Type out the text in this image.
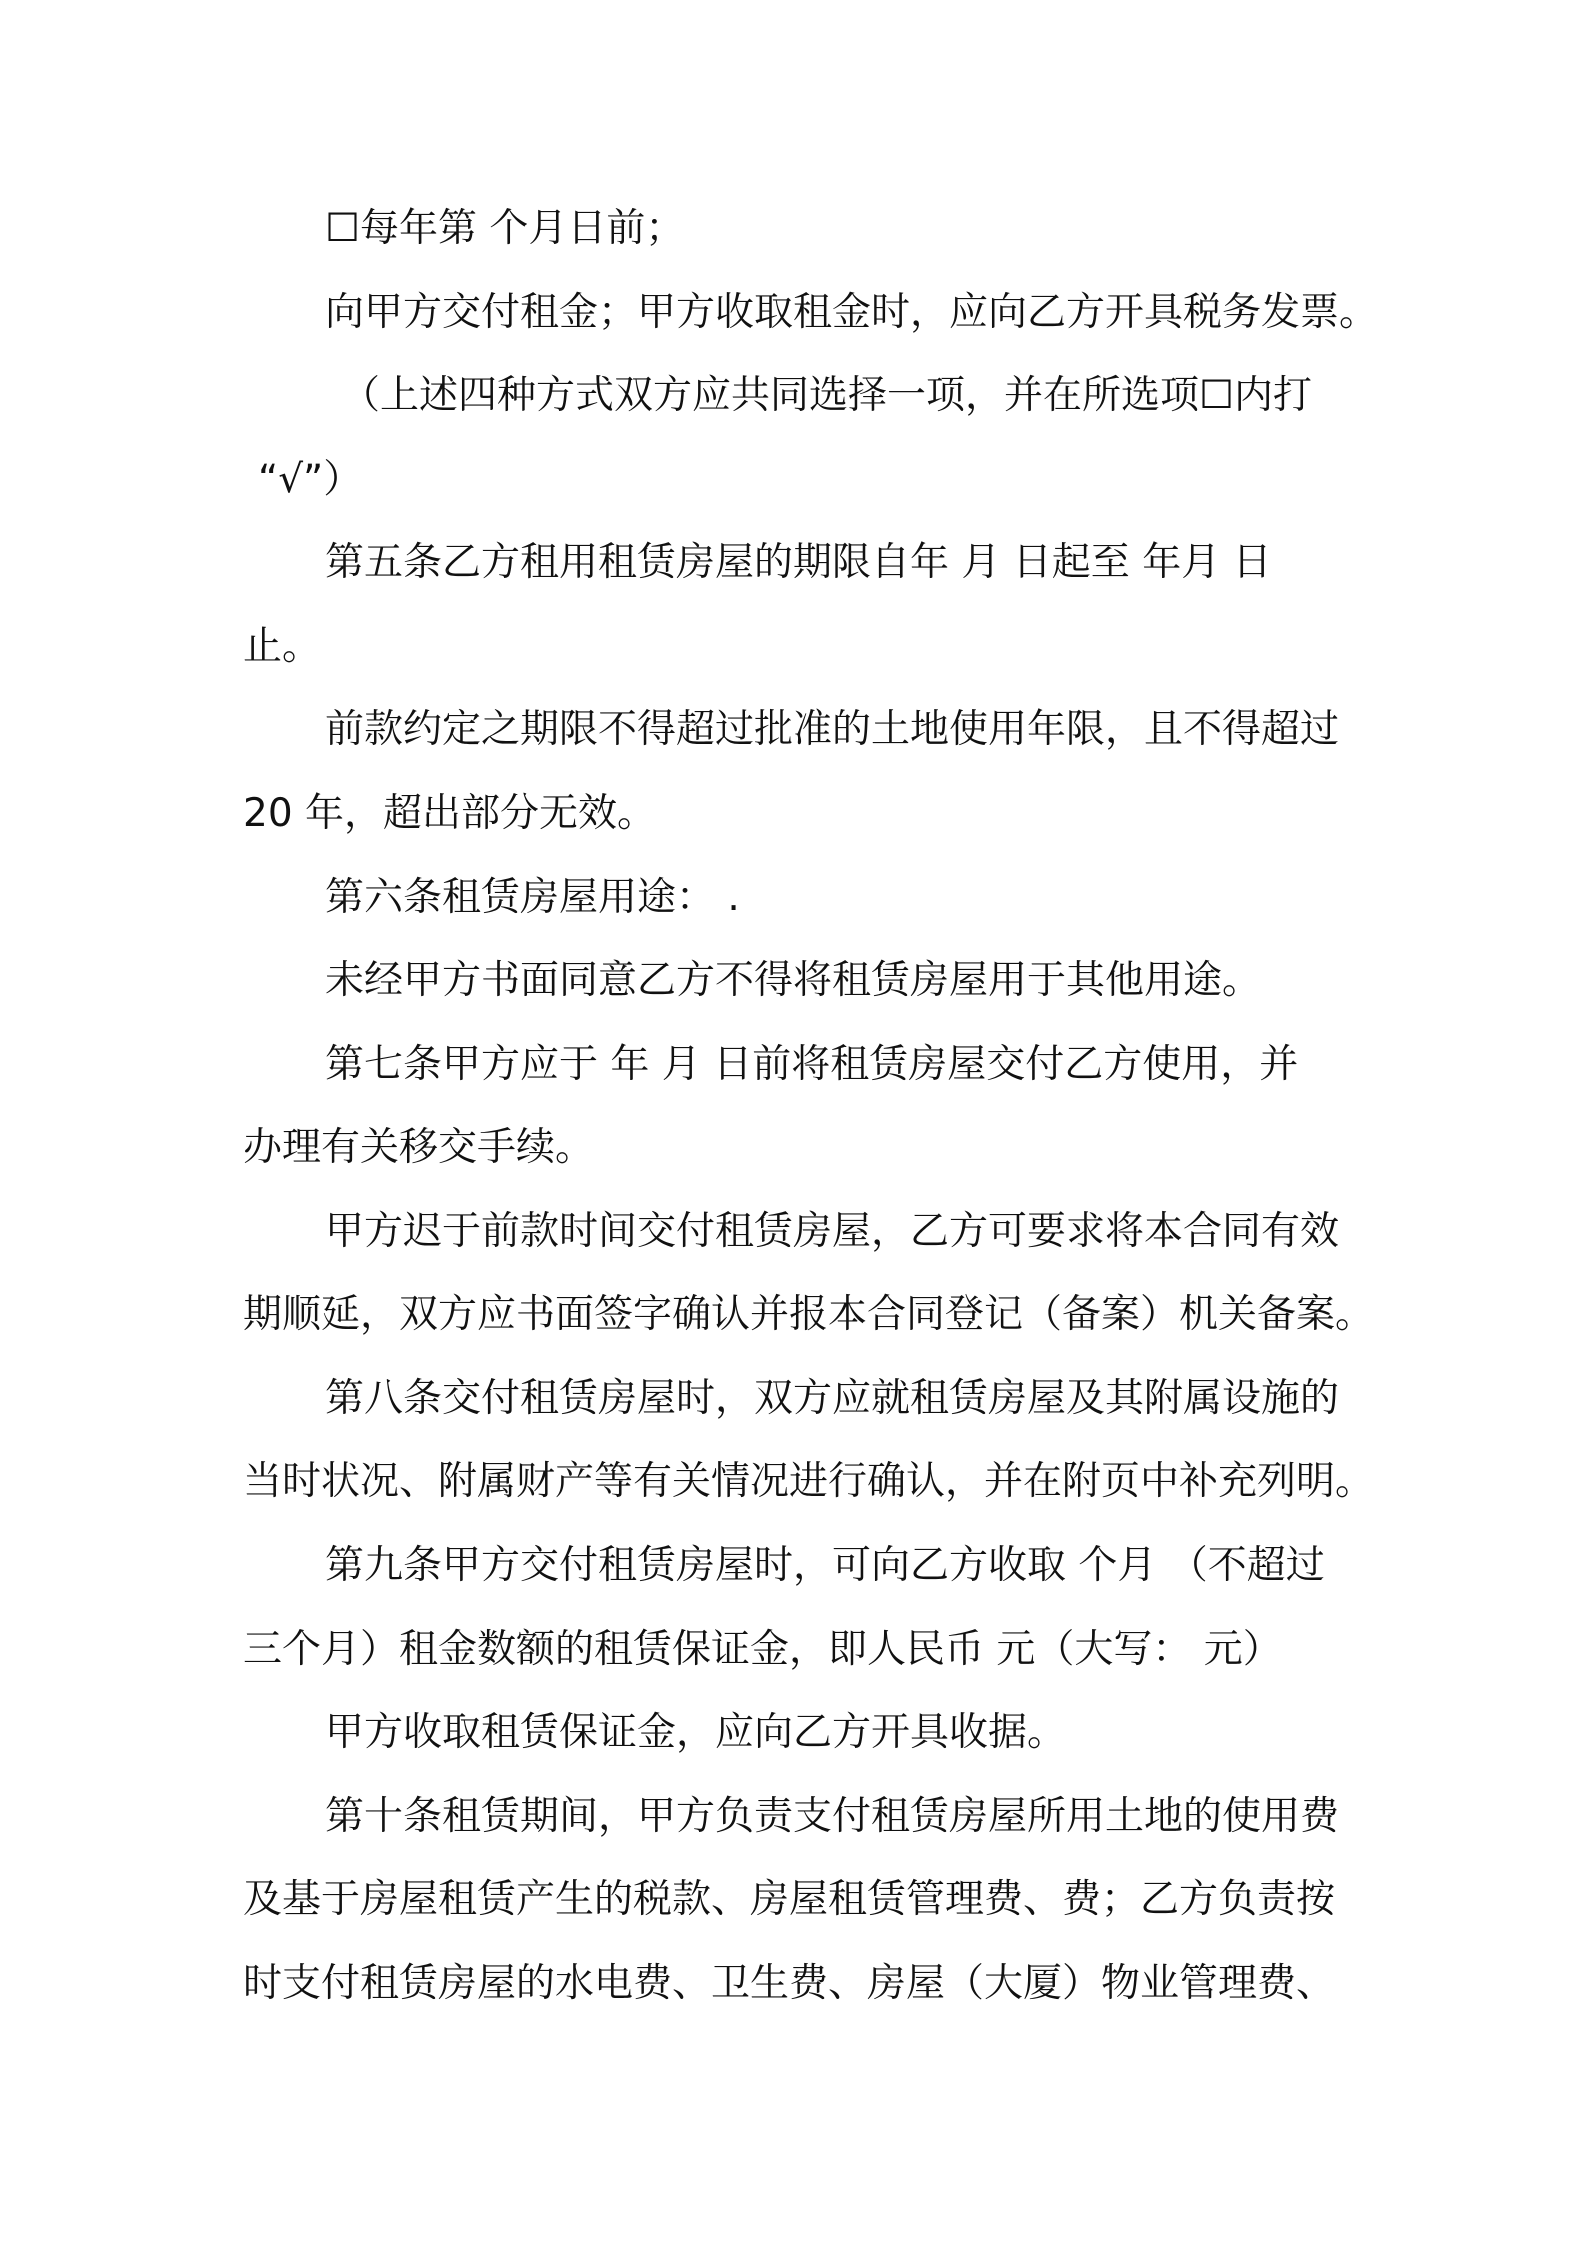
☐每年第 个月日前；
向甲方交付租金；甲方收取租金时，应向乙方开具税务发票。
（上述四种方式双方应共同选择一项，并在所选项☐内打
“√”）
第五条乙方租用租赁房屋的期限自年 月 日起至 年月 日
止。
前款约定之期限不得超过批准的土地使用年限，且不得超过
20 年，超出部分无效。
第六条租赁房屋用途： .
未经甲方书面同意乙方不得将租赁房屋用于其他用途。
第七条甲方应于 年 月 日前将租赁房屋交付乙方使用，并
办理有关移交手续。
甲方迟于前款时间交付租赁房屋，乙方可要求将本合同有效
期顺延，双方应书面签字确认并报本合同登记（备案）机关备案。
第八条交付租赁房屋时，双方应就租赁房屋及其附属设施的
当时状况、附属财产等有关情况进行确认，并在附页中补充列明。
第九条甲方交付租赁房屋时，可向乙方收取 个月 （不超过
三个月）租金数额的租赁保证金，即人民币 元（大写： 元）
甲方收取租赁保证金，应向乙方开具收据。
第十条租赁期间，甲方负责支付租赁房屋所用土地的使用费
及基于房屋租赁产生的税款、房屋租赁管理费、费；乙方负责按
时支付租赁房屋的水电费、卫生费、房屋（大厦）物业管理费、
